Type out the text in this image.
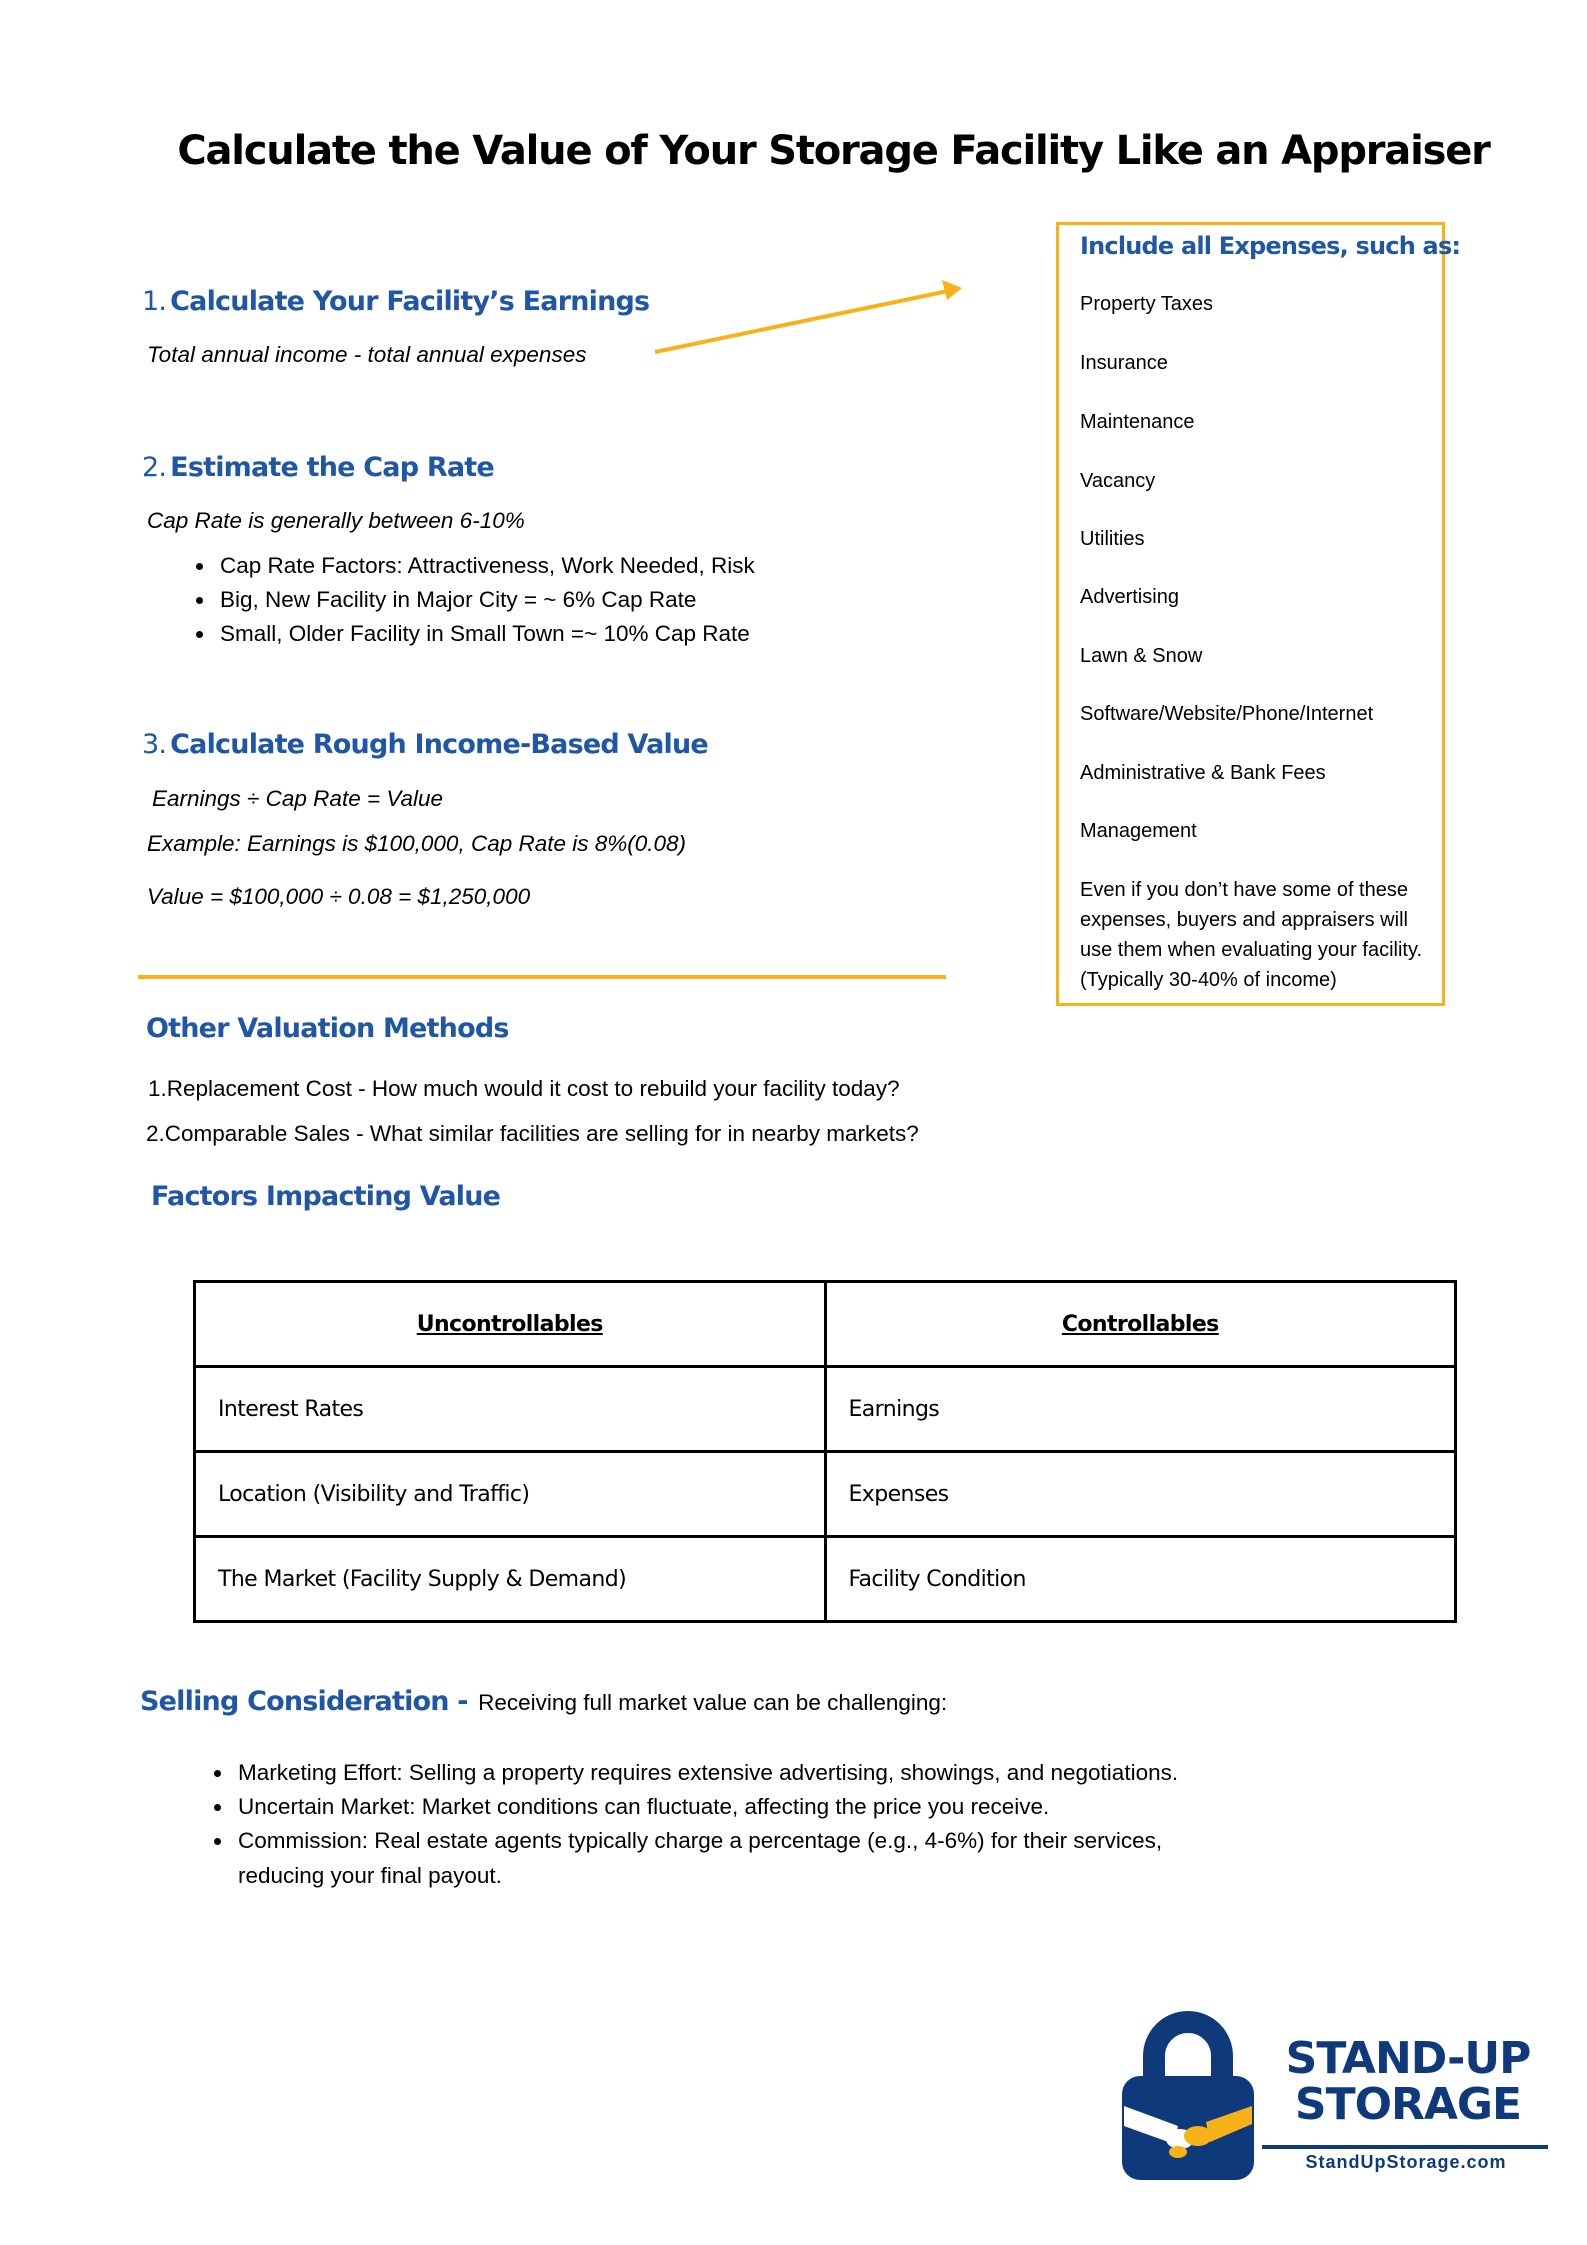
Calculate the Value of Your Storage Facility Like an Appraiser
1. Calculate Your Facility’s Earnings
Total annual income - total annual expenses
2. Estimate the Cap Rate
Cap Rate is generally between 6-10%
Cap Rate Factors: Attractiveness, Work Needed, Risk
Big, New Facility in Major City = ~ 6% Cap Rate
Small, Older Facility in Small Town =~ 10% Cap Rate
3. Calculate Rough Income-Based Value
Earnings ÷ Cap Rate = Value
Example: Earnings is $100,000, Cap Rate is 8%(0.08)
Value = $100,000 ÷ 0.08 = $1,250,000
Include all Expenses, such as:
Property Taxes
Insurance
Maintenance
Vacancy
Utilities
Advertising
Lawn & Snow
Software/Website/Phone/Internet
Administrative & Bank Fees
Management
Even if you don’t have some of these expenses, buyers and appraisers will use them when evaluating your facility. (Typically 30-40% of income)
Other Valuation Methods
1.Replacement Cost - How much would it cost to rebuild your facility today?
2.Comparable Sales - What similar facilities are selling for in nearby markets?
Factors Impacting Value
Uncontrollables	Controllables
Interest Rates	Earnings
Location (Visibility and Traffic)	Expenses
The Market (Facility Supply & Demand)	Facility Condition
Selling Consideration - Receiving full market value can be challenging:
Marketing Effort: Selling a property requires extensive advertising, showings, and negotiations.
Uncertain Market: Market conditions can fluctuate, affecting the price you receive.
Commission: Real estate agents typically charge a percentage (e.g., 4-6%) for their services,
reducing your final payout.
STAND-UP
STORAGE
StandUpStorage.com
